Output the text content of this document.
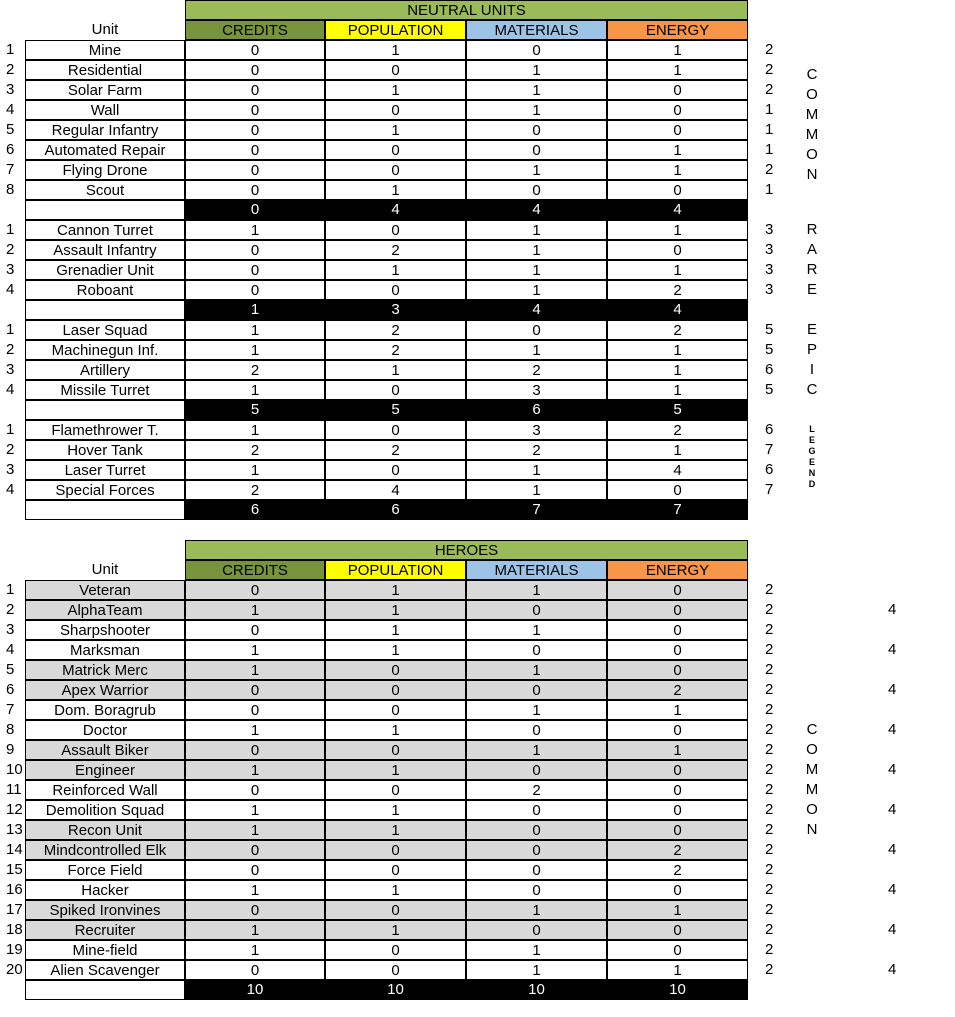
NEUTRAL UNITS
Unit	CREDITS	POPULATION	MATERIALS	ENERGY
1	Mine	0	1	0	1	2
2	Residential	0	0	1	1	2
3	Solar Farm	0	1	1	0	2
4	Wall	0	0	1	0	1
5	Regular Infantry	0	1	0	0	1
6	Automated Repair	0	0	0	1	1
7	Flying Drone	0	0	1	1	2
8	Scout	0	1	0	0	1
0	4	4	4
C
O
M
M
O
N
1	Cannon Turret	1	0	1	1	3
2	Assault Infantry	0	2	1	0	3
3	Grenadier Unit	0	1	1	1	3
4	Roboant	0	0	1	2	3
1	3	4	4
R
A
R
E
1	Laser Squad	1	2	0	2	5
2	Machinegun Inf.	1	2	1	1	5
3	Artillery	2	1	2	1	6
4	Missile Turret	1	0	3	1	5
5	5	6	5
E
P
I
C
1	Flamethrower T.	1	0	3	2	6
2	Hover Tank	2	2	2	1	7
3	Laser Turret	1	0	1	4	6
4	Special Forces	2	4	1	0	7
6	6	7	7
L
E
G
E
N
D
HEROES
Unit	CREDITS	POPULATION	MATERIALS	ENERGY
1	Veteran	0	1	1	0	2
2	AlphaTeam	1	1	0	0	2	4
3	Sharpshooter	0	1	1	0	2
4	Marksman	1	1	0	0	2	4
5	Matrick Merc	1	0	1	0	2
6	Apex Warrior	0	0	0	2	2	4
7	Dom. Boragrub	0	0	1	1	2
8	Doctor	1	1	0	0	2	4
9	Assault Biker	0	0	1	1	2
10	Engineer	1	1	0	0	2	4
11	Reinforced Wall	0	0	2	0	2
12	Demolition Squad	1	1	0	0	2	4
13	Recon Unit	1	1	0	0	2
14	Mindcontrolled Elk	0	0	0	2	2	4
15	Force Field	0	0	0	2	2
16	Hacker	1	1	0	0	2	4
17	Spiked Ironvines	0	0	1	1	2
18	Recruiter	1	1	0	0	2	4
19	Mine-field	1	0	1	0	2
20	Alien Scavenger	0	0	1	1	2	4
10	10	10	10
C
O
M
M
O
N
